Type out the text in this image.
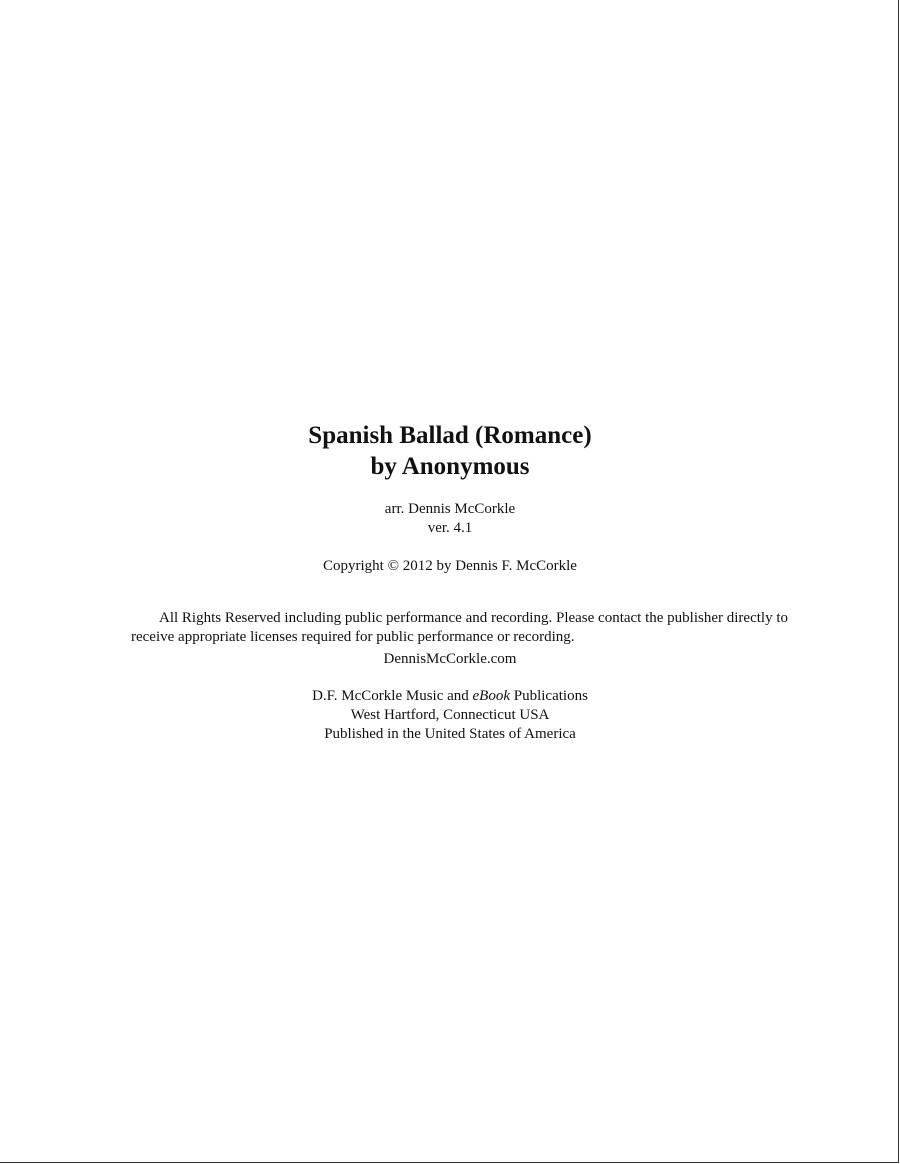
Spanish Ballad (Romance)

by Anonymous

arr. Dennis McCorkle

ver. 4.1

Copyright © 2012 by Dennis F. McCorkle

All Rights Reserved including public performance and recording. Please contact the publisher directly to receive appropriate licenses required for public performance or recording.

DennisMcCorkle.com

D.F. McCorkle Music and eBook Publications

West Hartford, Connecticut USA

Published in the United States of America
